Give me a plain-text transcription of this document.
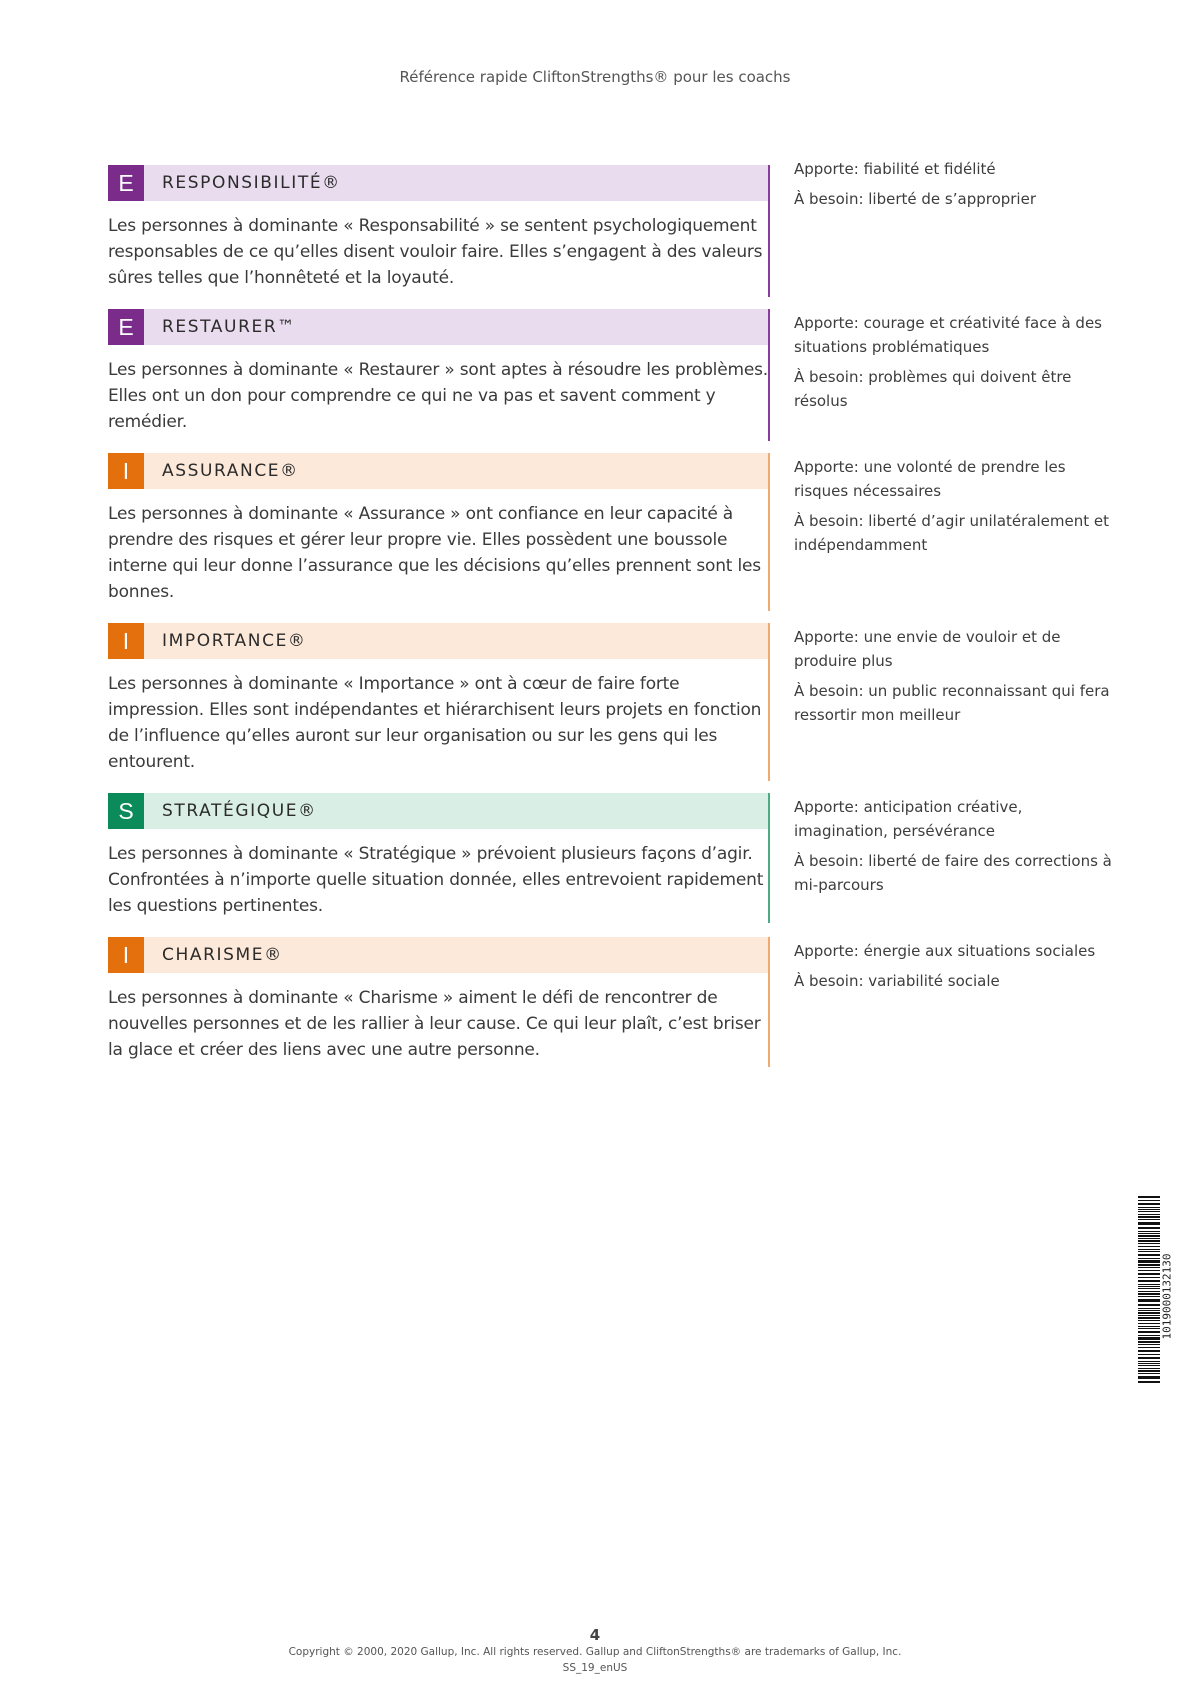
Référence rapide CliftonStrengths® pour les coachs
E	RESPONSIBILITÉ®
Les personnes à dominante « Responsabilité » se sentent psychologiquement responsables de ce qu’elles disent vouloir faire. Elles s’engagent à des valeurs sûres telles que l’honnêteté et la loyauté.
Apporte: fiabilité et fidélité
À besoin: liberté de s’approprier
E	RESTAURER™
Les personnes à dominante « Restaurer » sont aptes à résoudre les problèmes. Elles ont un don pour comprendre ce qui ne va pas et savent comment y remédier.
Apporte: courage et créativité face à des situations problématiques
À besoin: problèmes qui doivent être résolus
I	ASSURANCE®
Les personnes à dominante « Assurance » ont confiance en leur capacité à prendre des risques et gérer leur propre vie. Elles possèdent une boussole interne qui leur donne l’assurance que les décisions qu’elles prennent sont les bonnes.
Apporte: une volonté de prendre les risques nécessaires
À besoin: liberté d’agir unilatéralement et indépendamment
I	IMPORTANCE®
Les personnes à dominante « Importance » ont à cœur de faire forte impression. Elles sont indépendantes et hiérarchisent leurs projets en fonction de l’influence qu’elles auront sur leur organisation ou sur les gens qui les entourent.
Apporte: une envie de vouloir et de produire plus
À besoin: un public reconnaissant qui fera ressortir mon meilleur
S	STRATÉGIQUE®
Les personnes à dominante « Stratégique » prévoient plusieurs façons d’agir. Confrontées à n’importe quelle situation donnée, elles entrevoient rapidement les questions pertinentes.
Apporte: anticipation créative, imagination, persévérance
À besoin: liberté de faire des corrections à mi-parcours
I	CHARISME®
Les personnes à dominante « Charisme » aiment le défi de rencontrer de nouvelles personnes et de les rallier à leur cause. Ce qui leur plaît, c’est briser la glace et créer des liens avec une autre personne.
Apporte: énergie aux situations sociales
À besoin: variabilité sociale
1019000132130
4
Copyright © 2000, 2020 Gallup, Inc. All rights reserved. Gallup and CliftonStrengths® are trademarks of Gallup, Inc.
SS_19_enUS
